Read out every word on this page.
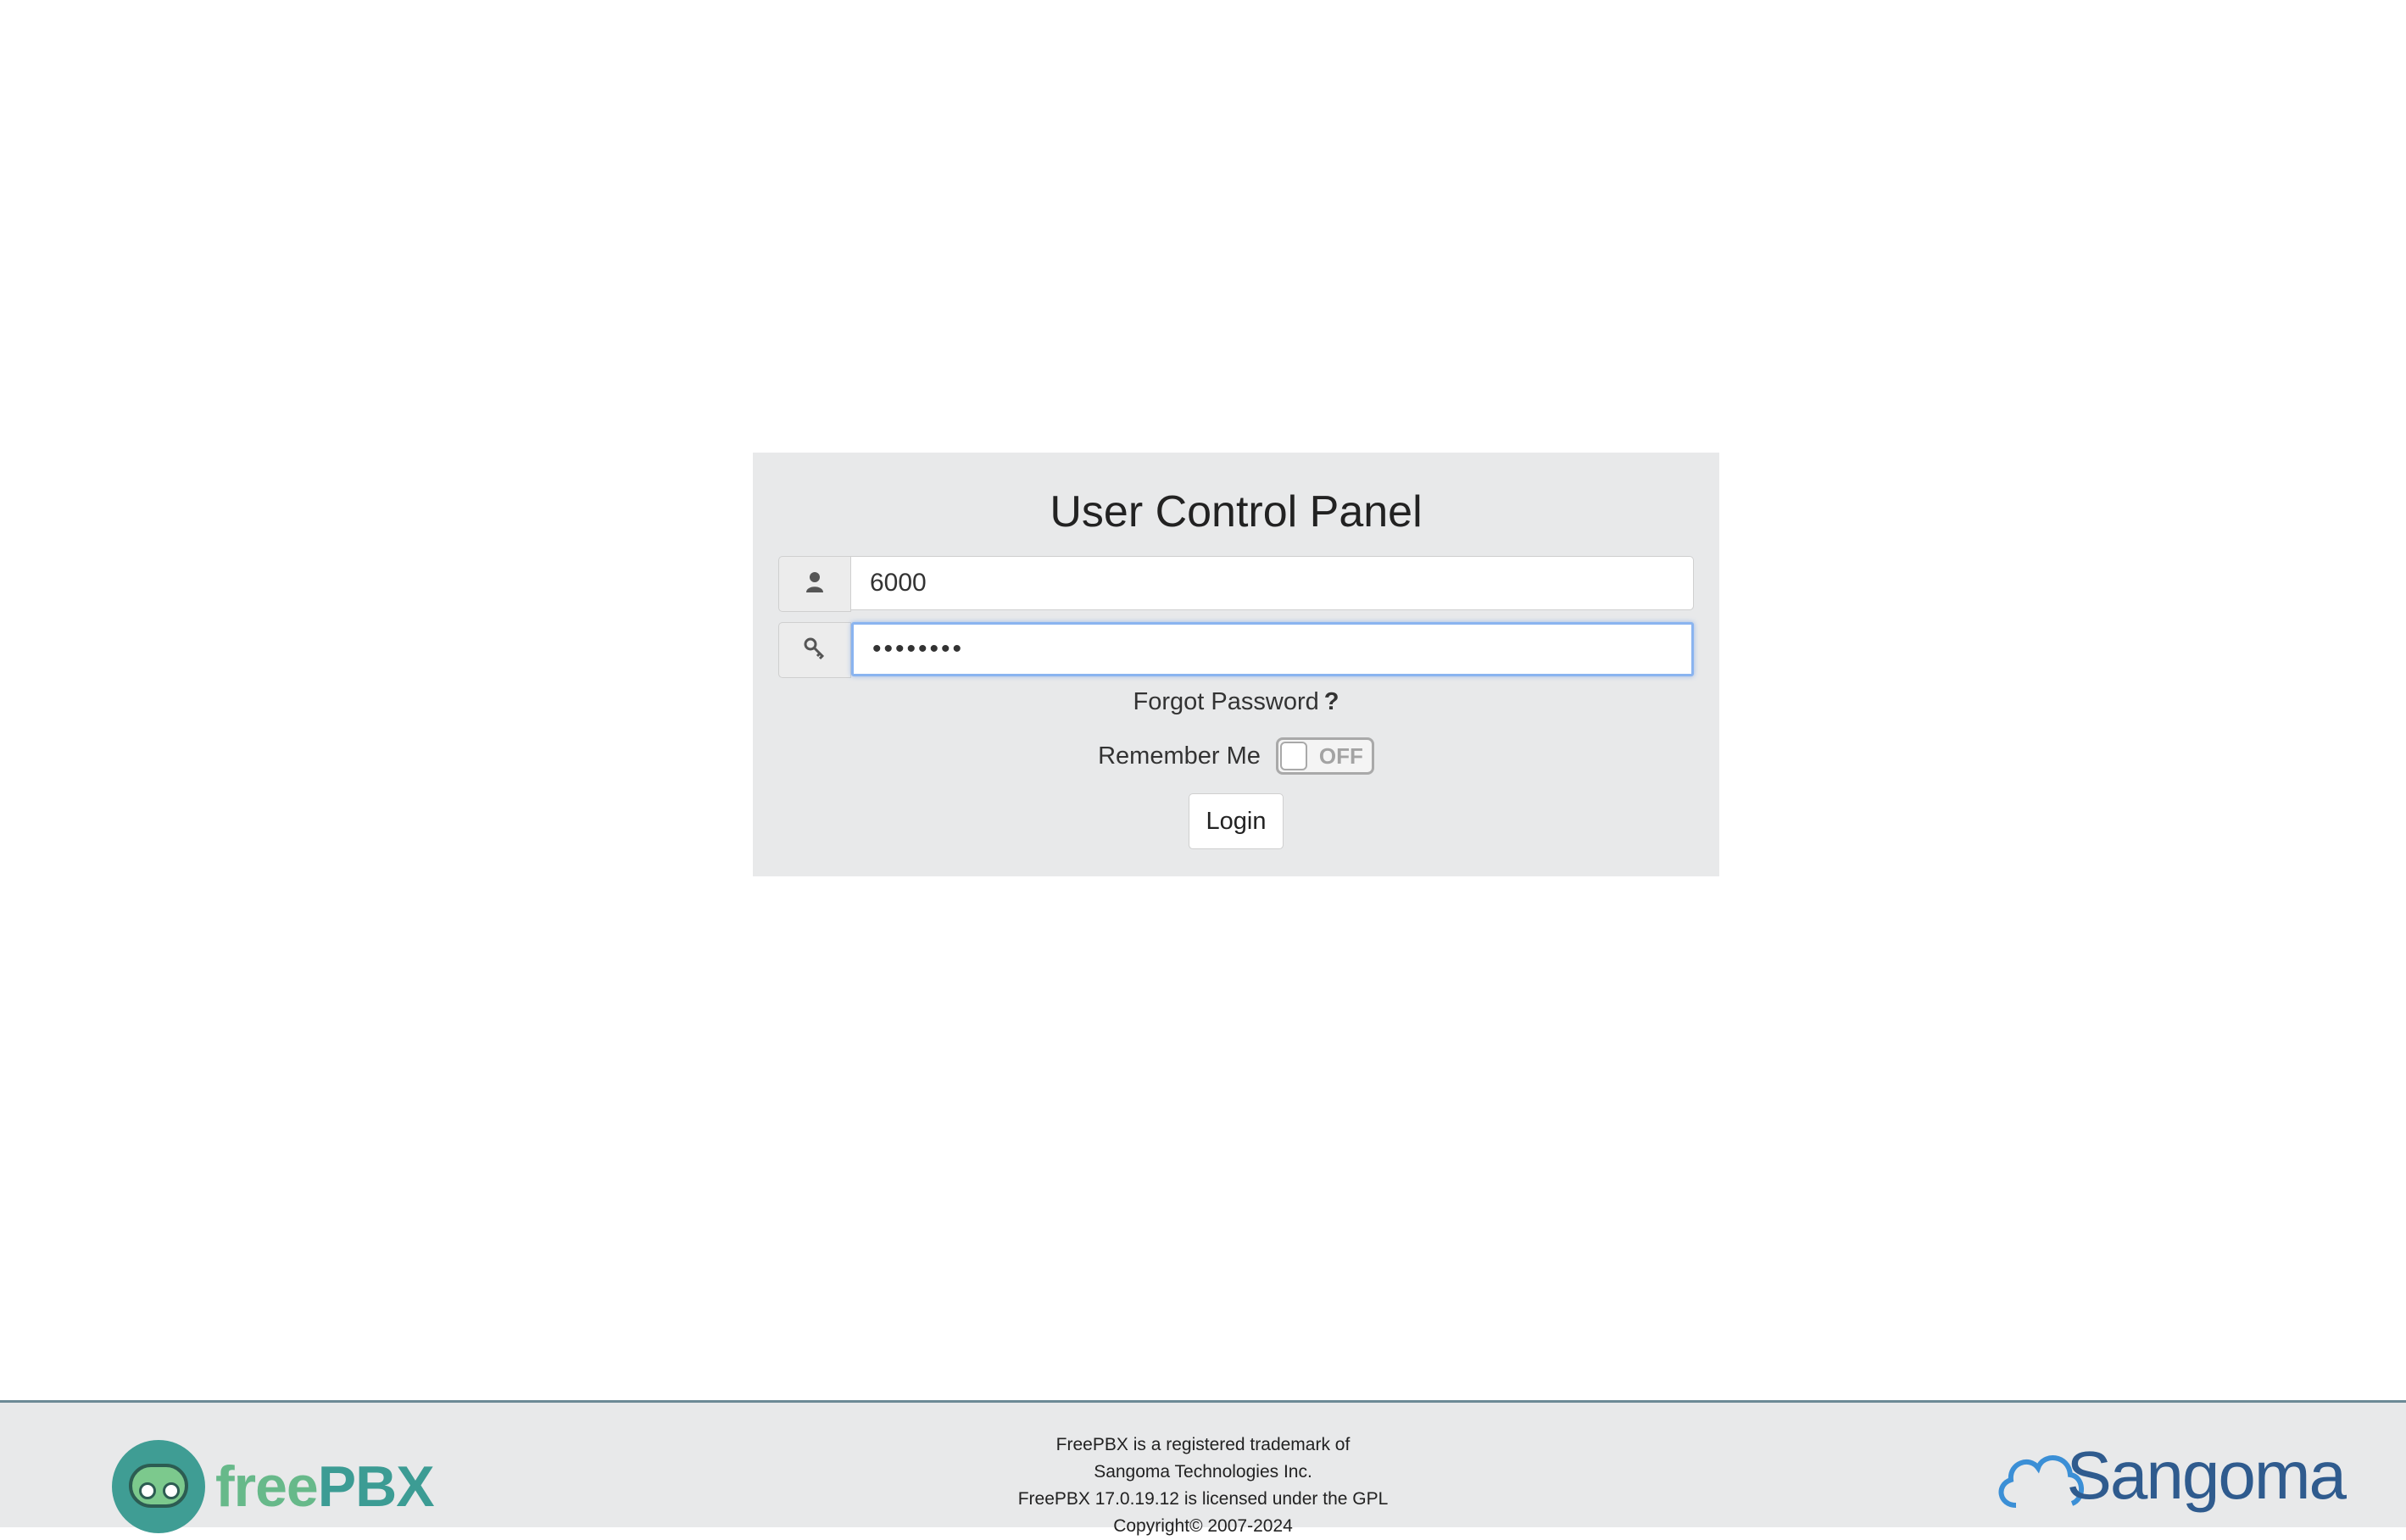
User Control Panel
6000
••••••••
Forgot Password ?
Remember Me	OFF
Login
freePBX
FreePBX is a registered trademark of
Sangoma Technologies Inc.
FreePBX 17.0.19.12 is licensed under the GPL
Copyright© 2007-2024
Sangoma
